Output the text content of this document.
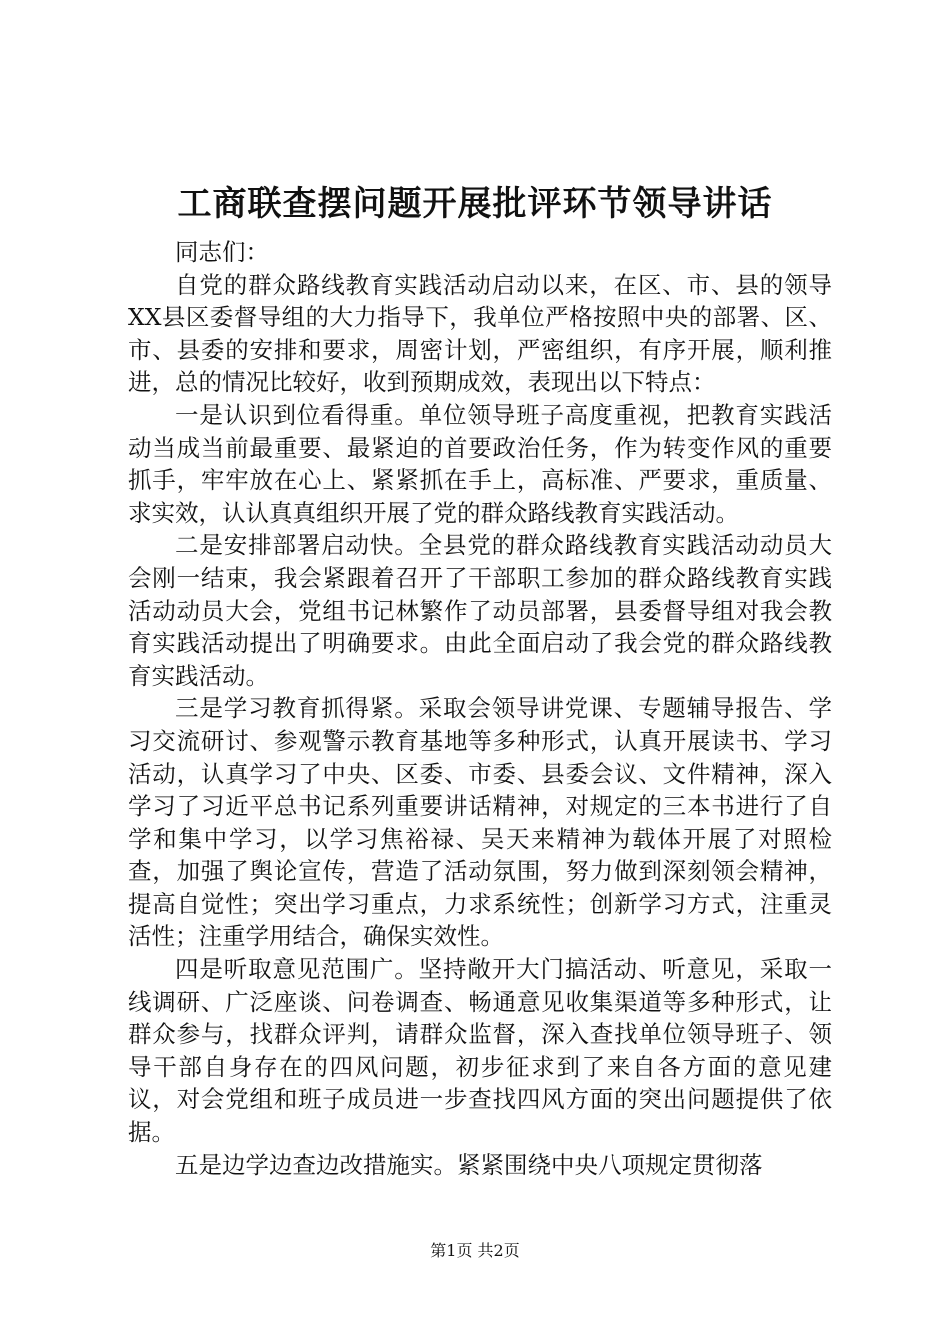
工商联查摆问题开展批评环节领导讲话

同志们：

自党的群众路线教育实践活动启动以来，在区、市、县的领导XX县区委督导组的大力指导下，我单位严格按照中央的部署、区、市、县委的安排和要求，周密计划，严密组织，有序开展，顺利推进，总的情况比较好，收到预期成效，表现出以下特点：

一是认识到位看得重。单位领导班子高度重视，把教育实践活动当成当前最重要、最紧迫的首要政治任务，作为转变作风的重要抓手，牢牢放在心上、紧紧抓在手上，高标准、严要求，重质量、求实效，认认真真组织开展了党的群众路线教育实践活动。

二是安排部署启动快。全县党的群众路线教育实践活动动员大会刚一结束，我会紧跟着召开了干部职工参加的群众路线教育实践活动动员大会，党组书记林繁作了动员部署，县委督导组对我会教育实践活动提出了明确要求。由此全面启动了我会党的群众路线教育实践活动。

三是学习教育抓得紧。采取会领导讲党课、专题辅导报告、学习交流研讨、参观警示教育基地等多种形式，认真开展读书、学习活动，认真学习了中央、区委、市委、县委会议、文件精神，深入学习了习近平总书记系列重要讲话精神，对规定的三本书进行了自学和集中学习，以学习焦裕禄、吴天来精神为载体开展了对照检查，加强了舆论宣传，营造了活动氛围，努力做到深刻领会精神，提高自觉性；突出学习重点，力求系统性；创新学习方式，注重灵活性；注重学用结合，确保实效性。

四是听取意见范围广。坚持敞开大门搞活动、听意见，采取一线调研、广泛座谈、问卷调查、畅通意见收集渠道等多种形式，让群众参与，找群众评判，请群众监督，深入查找单位领导班子、领导干部自身存在的四风问题，初步征求到了来自各方面的意见建议，对会党组和班子成员进一步查找四风方面的突出问题提供了依据。

五是边学边查边改措施实。紧紧围绕中央八项规定贯彻落

第1页 共2页
